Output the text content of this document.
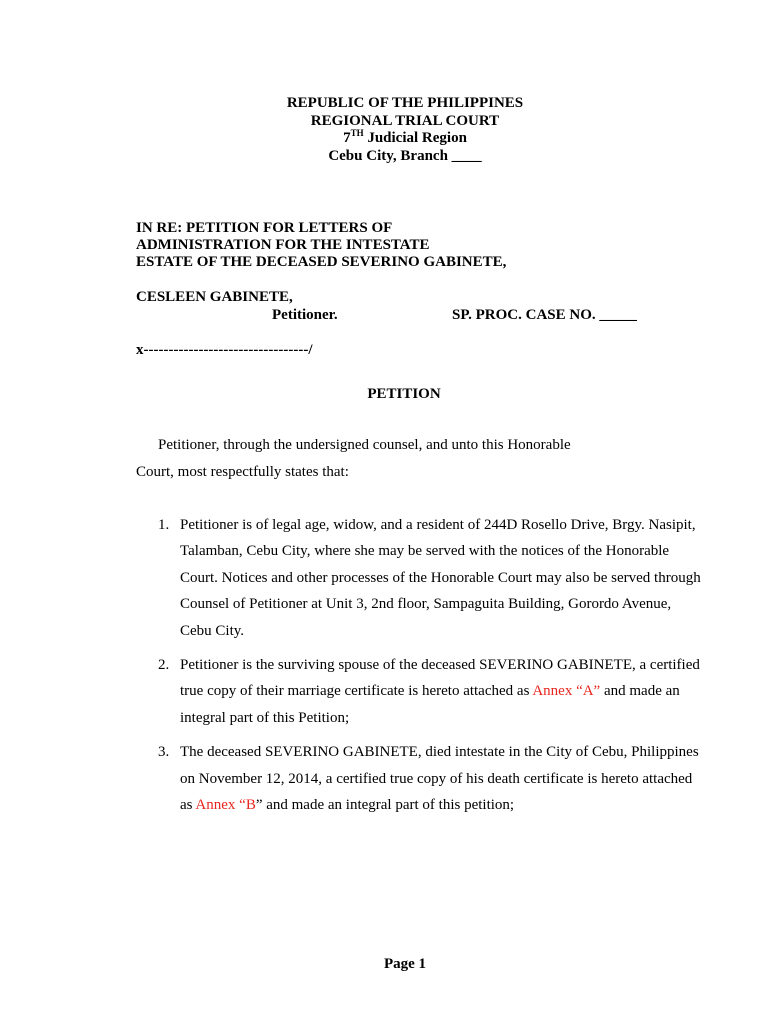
REPUBLIC OF THE PHILIPPINES
REGIONAL TRIAL COURT
7TH Judicial Region
Cebu City, Branch ____
IN RE: PETITION FOR LETTERS OF
ADMINISTRATION FOR THE INTESTATE
ESTATE OF THE DECEASED SEVERINO GABINETE,
CESLEEN GABINETE,
Petitioner.	SP. PROC. CASE NO. _____
x---------------------------------/
PETITION
Petitioner, through the undersigned counsel, and unto this Honorable
Court, most respectfully states that:
1. Petitioner is of legal age, widow, and a resident of 244D Rosello Drive, Brgy. Nasipit, Talamban, Cebu City, where she may be served with the notices of the Honorable Court. Notices and other processes of the Honorable Court may also be served through Counsel of Petitioner at Unit 3, 2nd floor, Sampaguita Building, Gorordo Avenue, Cebu City.
2. Petitioner is the surviving spouse of the deceased SEVERINO GABINETE, a certified true copy of their marriage certificate is hereto attached as Annex “A” and made an integral part of this Petition;
3. The deceased SEVERINO GABINETE, died intestate in the City of Cebu, Philippines on November 12, 2014, a certified true copy of his death certificate is hereto attached as Annex “B” and made an integral part of this petition;
Page 1
